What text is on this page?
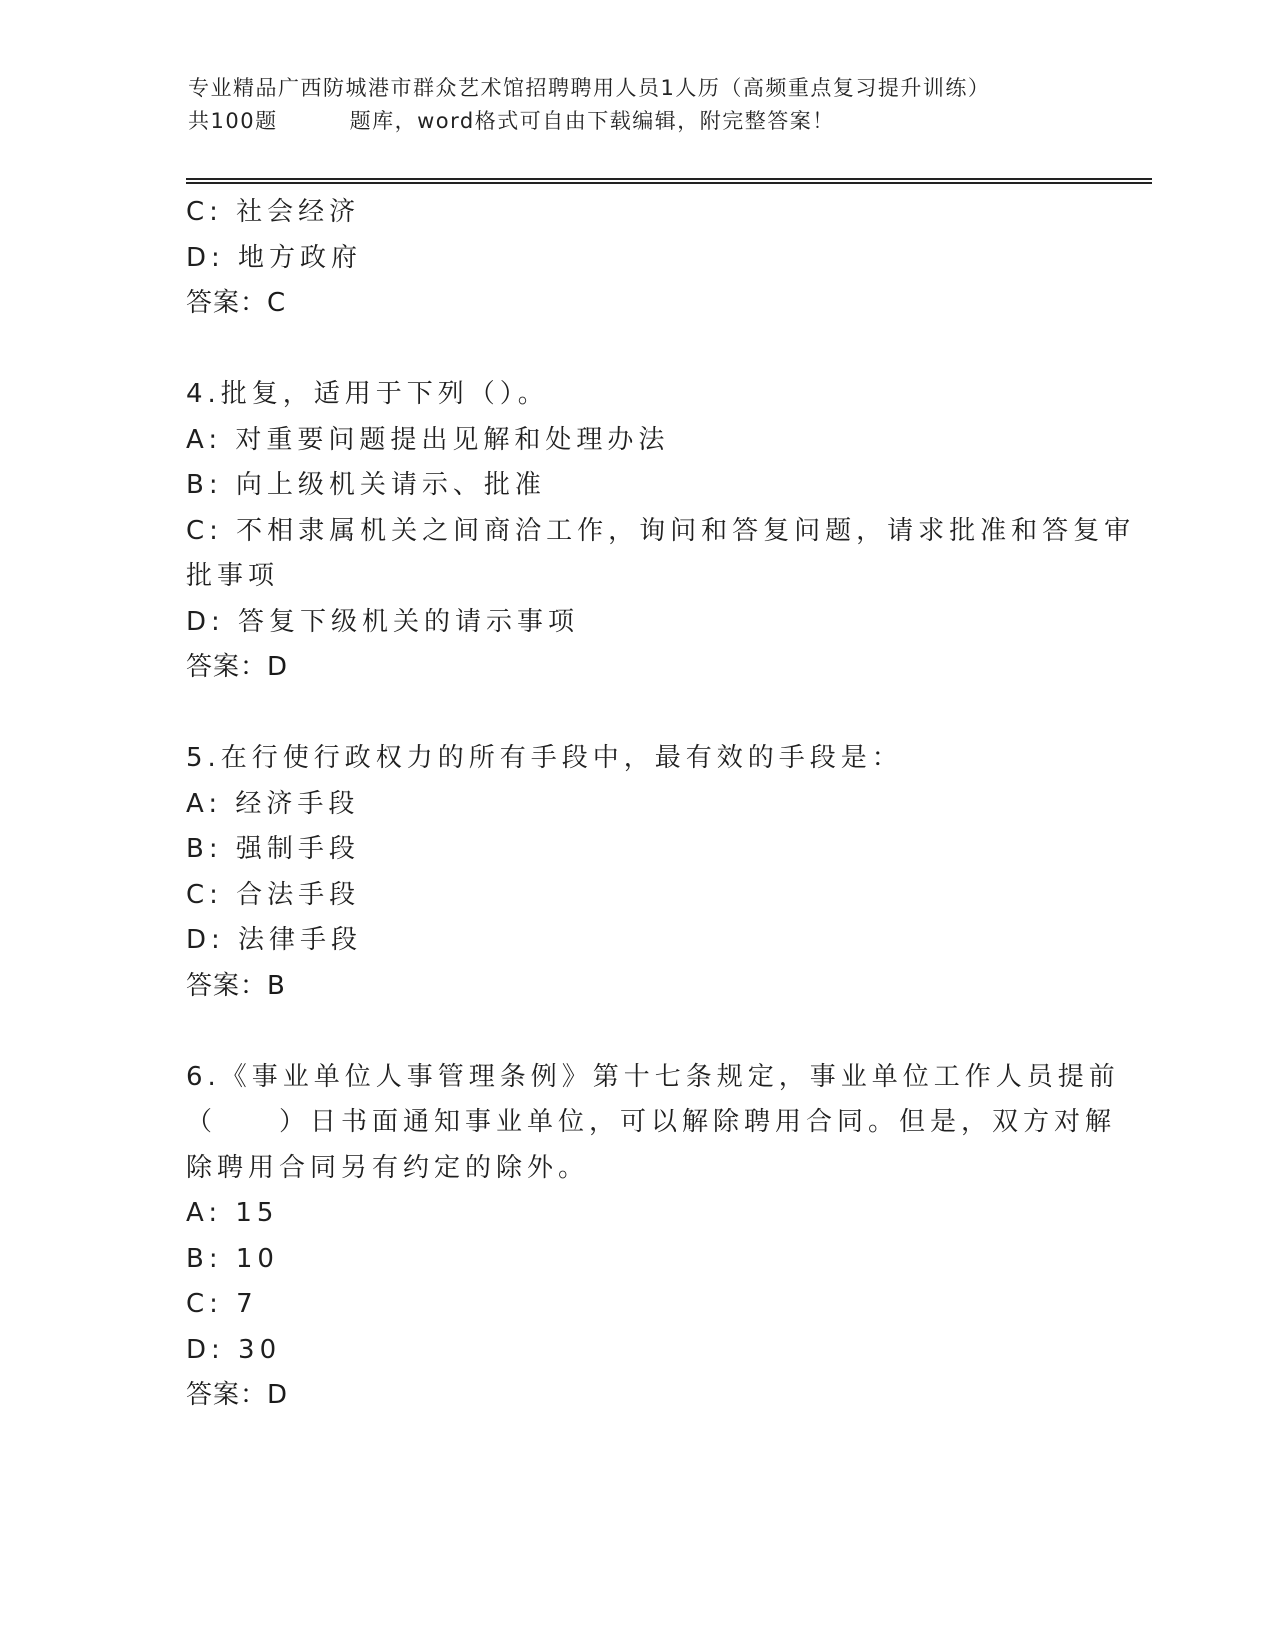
专业精品广西防城港市群众艺术馆招聘聘用人员1人历（高频重点复习提升训练）
共100题	题库，word格式可自由下载编辑，附完整答案！
C: 社会经济
D: 地方政府
答案：C
4.批复，适用于下列（）。
A: 对重要问题提出见解和处理办法
B: 向上级机关请示、批准
C: 不相隶属机关之间商洽工作，询问和答复问题，请求批准和答复审
批事项
D: 答复下级机关的请示事项
答案：D
5.在行使行政权力的所有手段中，最有效的手段是：
A: 经济手段
B: 强制手段
C: 合法手段
D: 法律手段
答案：B
6.《事业单位人事管理条例》第十七条规定，事业单位工作人员提前
（　　）日书面通知事业单位，可以解除聘用合同。但是，双方对解
除聘用合同另有约定的除外。
A: 15
B: 10
C: 7
D: 30
答案：D
